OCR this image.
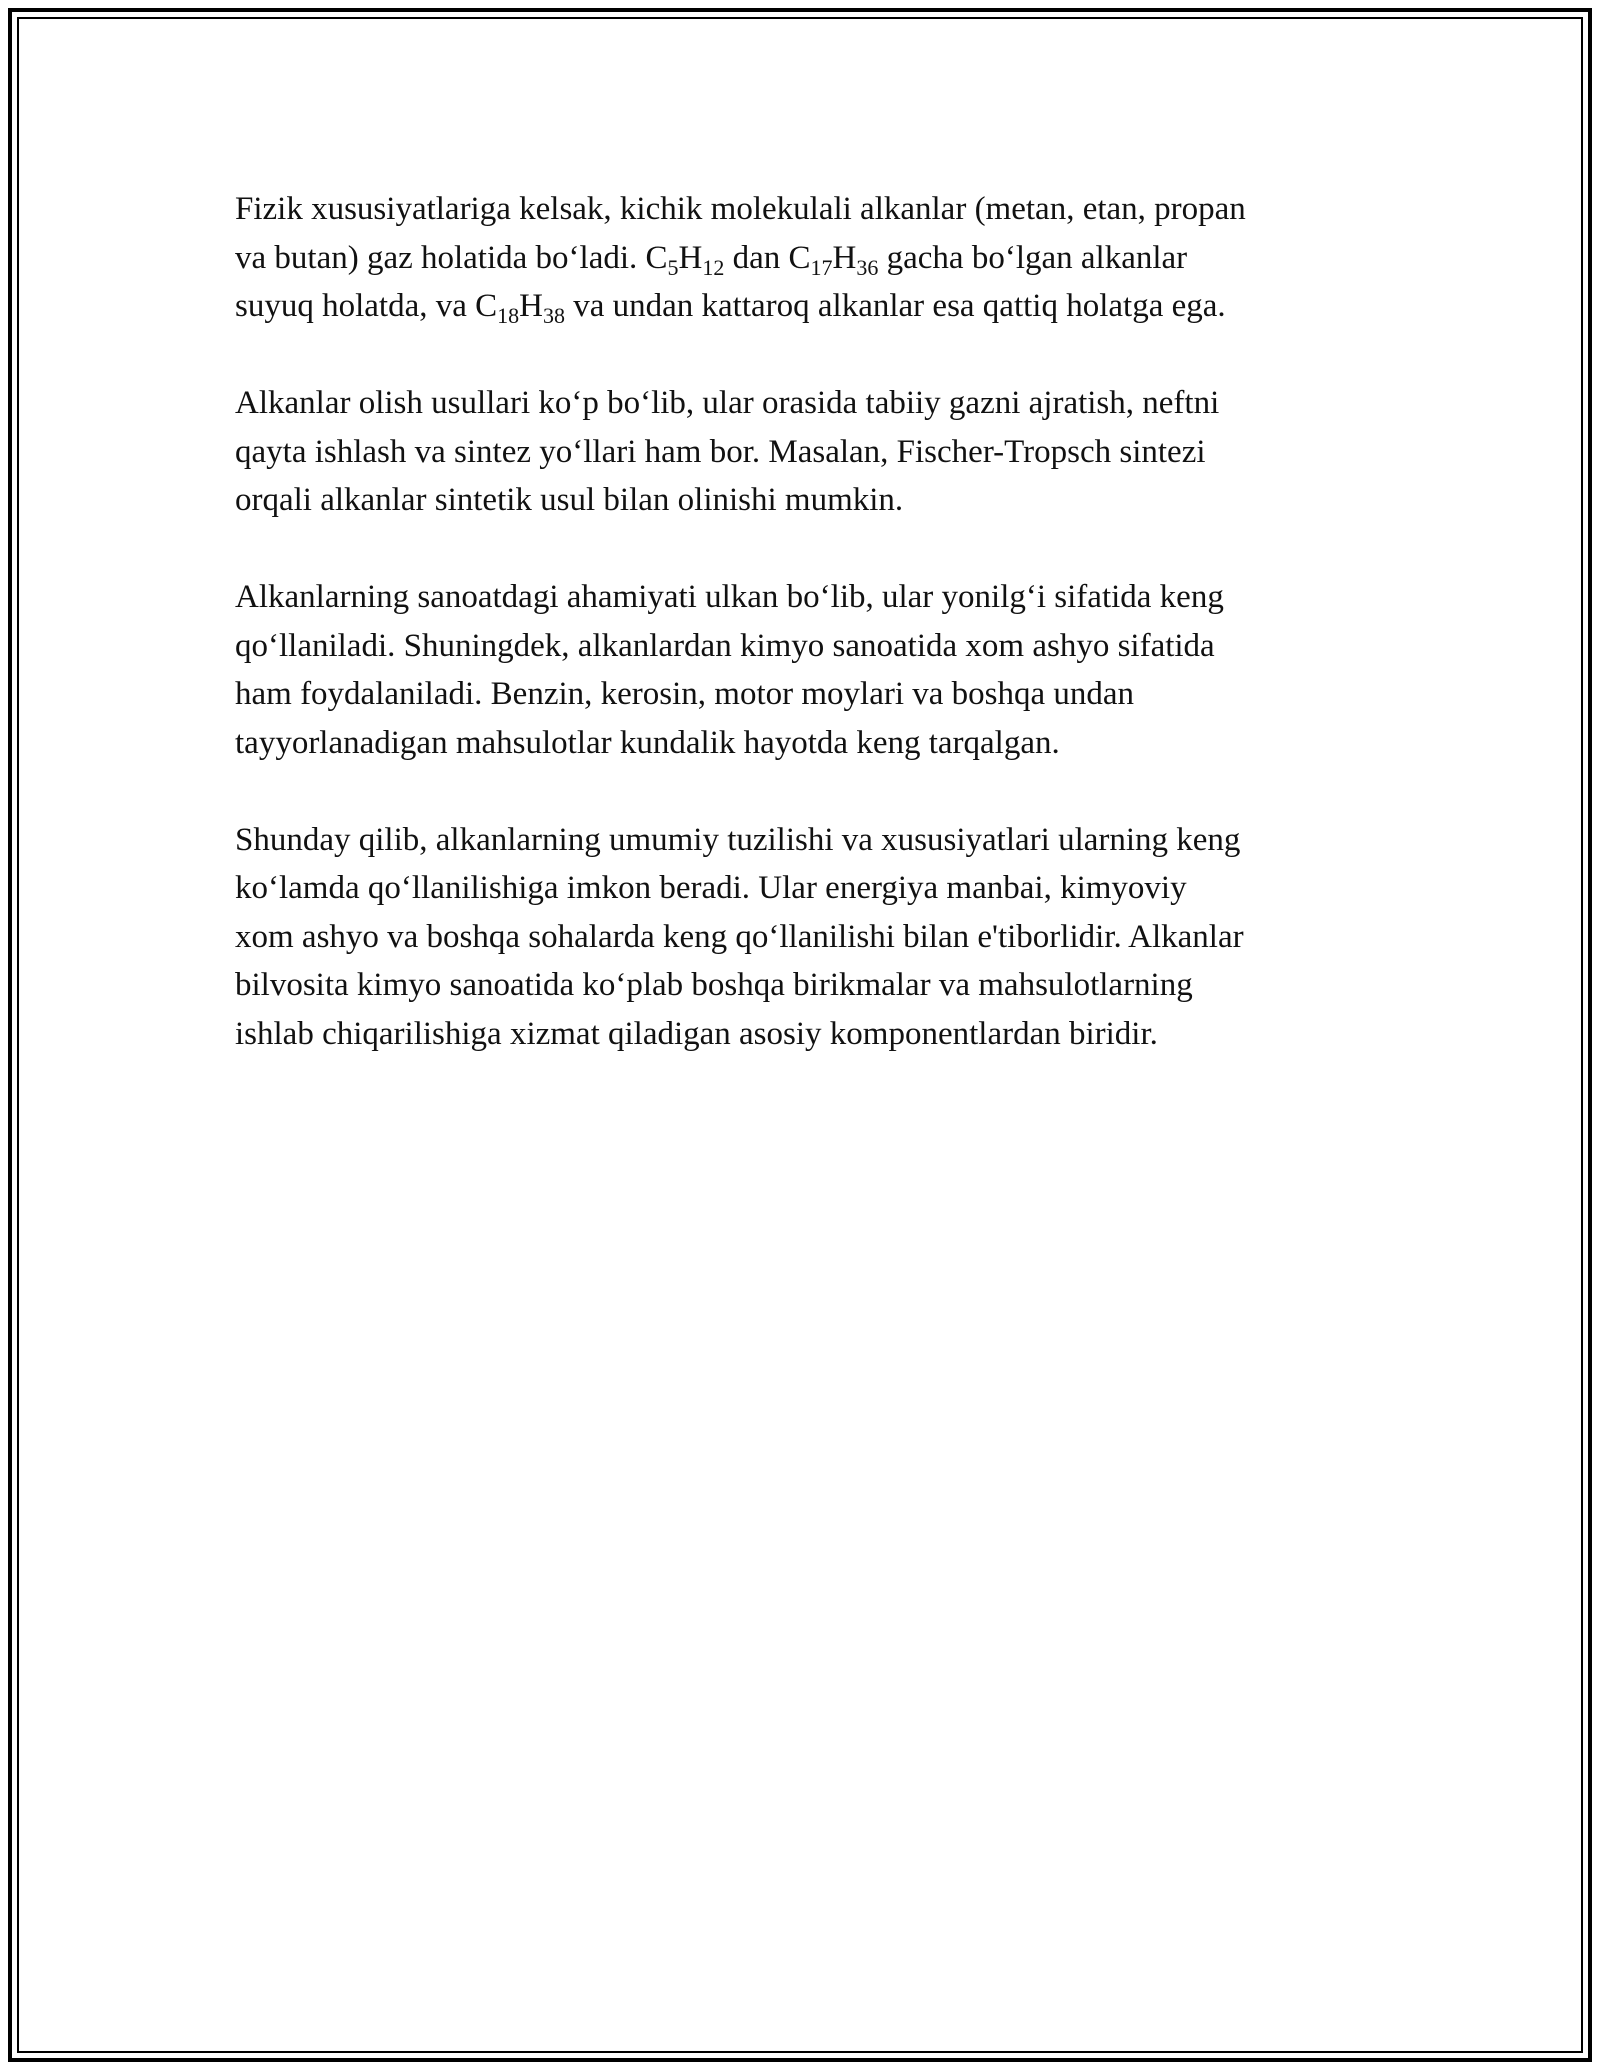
Fizik xususiyatlariga kelsak, kichik molekulali alkanlar (metan, etan, propan
va butan) gaz holatida bo‘ladi. $C_5H_{12}$ dan $C_{17}H_{36}$ gacha bo‘lgan alkanlar
suyuq holatda, va $C_{18}H_{38}$ va undan kattaroq alkanlar esa qattiq holatga ega.

Alkanlar olish usullari ko‘p bo‘lib, ular orasida tabiiy gazni ajratish, neftni
qayta ishlash va sintez yo‘llari ham bor. Masalan, Fischer-Tropsch sintezi
orqali alkanlar sintetik usul bilan olinishi mumkin.

Alkanlarning sanoatdagi ahamiyati ulkan bo‘lib, ular yonilg‘i sifatida keng
qo‘llaniladi. Shuningdek, alkanlardan kimyo sanoatida xom ashyo sifatida
ham foydalaniladi. Benzin, kerosin, motor moylari va boshqa undan
tayyorlanadigan mahsulotlar kundalik hayotda keng tarqalgan.

Shunday qilib, alkanlarning umumiy tuzilishi va xususiyatlari ularning keng
ko‘lamda qo‘llanilishiga imkon beradi. Ular energiya manbai, kimyoviy
xom ashyo va boshqa sohalarda keng qo‘llanilishi bilan e'tiborlidir. Alkanlar
bilvosita kimyo sanoatida ko‘plab boshqa birikmalar va mahsulotlarning
ishlab chiqarilishiga xizmat qiladigan asosiy komponentlardan biridir.
